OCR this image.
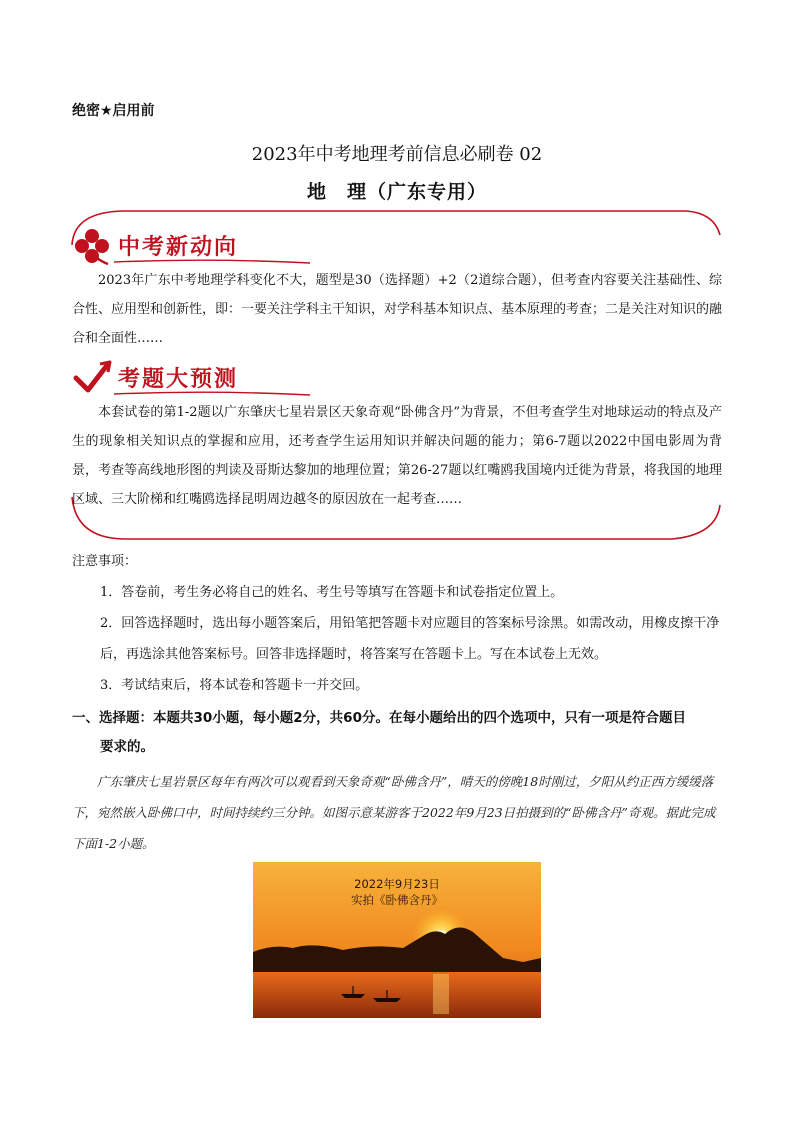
绝密★启用前
2023年中考地理考前信息必刷卷 02
地　理（广东专用）
中考新动向

2023年广东中考地理学科变化不大，题型是30（选择题）+2（2道综合题），但考查内容要关注基础性、综合性、应用型和创新性，即：一要关注学科主干知识，对学科基本知识点、基本原理的考查；二是关注对知识的融合和全面性……

考题大预测

本套试卷的第1-2题以广东肇庆七星岩景区天象奇观“卧佛含丹”为背景，不但考查学生对地球运动的特点及产生的现象相关知识点的掌握和应用，还考查学生运用知识并解决问题的能力；第6-7题以2022中国电影周为背景，考查等高线地形图的判读及哥斯达黎加的地理位置；第26-27题以红嘴鸥我国境内迁徙为背景，将我国的地理区域、三大阶梯和红嘴鸥选择昆明周边越冬的原因放在一起考查……

注意事项：
1．答卷前，考生务必将自己的姓名、考生号等填写在答题卡和试卷指定位置上。
2．回答选择题时，选出每小题答案后，用铅笔把答题卡对应题目的答案标号涂黑。如需改动，用橡皮擦干净后，再选涂其他答案标号。回答非选择题时，将答案写在答题卡上。写在本试卷上无效。
3．考试结束后，将本试卷和答题卡一并交回。
一、选择题：本题共30小题，每小题2分，共60分。在每小题给出的四个选项中，只有一项是符合题目
要求的。

广东肇庆七星岩景区每年有两次可以观看到天象奇观“卧佛含丹”，晴天的傍晚18时刚过，夕阳从约正西方缓缓落下，宛然嵌入卧佛口中，时间持续约三分钟。如图示意某游客于2022年9月23日拍摄到的“卧佛含丹”奇观。据此完成下面1-2小题。

2022年9月23日
实拍《卧佛含丹》
